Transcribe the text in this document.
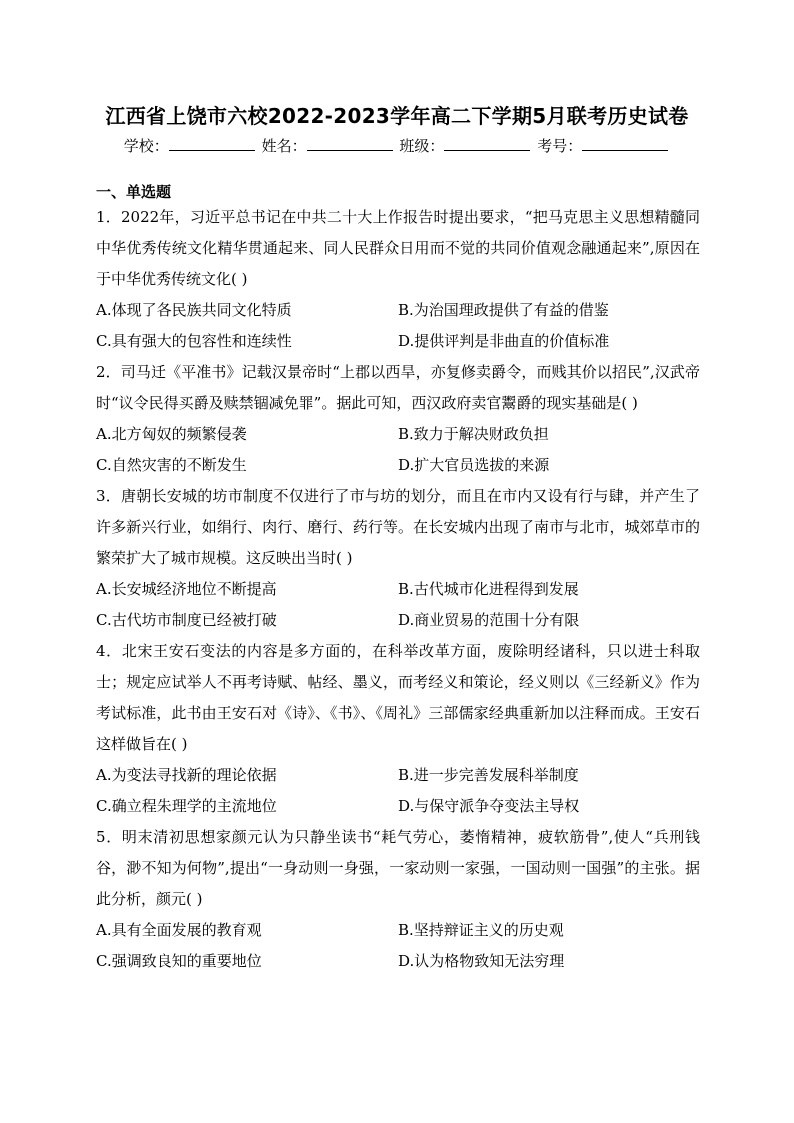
江西省上饶市六校2022-2023学年高二下学期5月联考历史试卷
学校：	姓名：	班级：	考号：
一、单选题
1．2022年，习近平总书记在中共二十大上作报告时提出要求，“把马克思主义思想精髓同中华优秀传统文化精华贯通起来、同人民群众日用而不觉的共同价值观念融通起来”,原因在于中华优秀传统文化( )
A.体现了各民族共同文化特质	B.为治国理政提供了有益的借鉴
C.具有强大的包容性和连续性	D.提供评判是非曲直的价值标准
2．司马迁《平准书》记载汉景帝时“上郡以西旱，亦复修卖爵令，而贱其价以招民”,汉武帝时“议令民得买爵及赎禁锢减免罪”。据此可知，西汉政府卖官鬻爵的现实基础是( )
A.北方匈奴的频繁侵袭	B.致力于解决财政负担
C.自然灾害的不断发生	D.扩大官员选拔的来源
3．唐朝长安城的坊市制度不仅进行了市与坊的划分，而且在市内又设有行与肆，并产生了许多新兴行业，如绢行、肉行、磨行、药行等。在长安城内出现了南市与北市，城郊草市的繁荣扩大了城市规模。这反映出当时( )
A.长安城经济地位不断提高	B.古代城市化进程得到发展
C.古代坊市制度已经被打破	D.商业贸易的范围十分有限
4．北宋王安石变法的内容是多方面的，在科举改革方面，废除明经诸科，只以进士科取士；规定应试举人不再考诗赋、帖经、墨义，而考经义和策论，经义则以《三经新义》作为考试标准，此书由王安石对《诗》、《书》、《周礼》三部儒家经典重新加以注释而成。王安石这样做旨在( )
A.为变法寻找新的理论依据	B.进一步完善发展科举制度
C.确立程朱理学的主流地位	D.与保守派争夺变法主导权
5．明末清初思想家颜元认为只静坐读书“耗气劳心，萎惰精神，疲软筋骨”,使人“兵刑钱谷，渺不知为何物”,提出“一身动则一身强，一家动则一家强，一国动则一国强”的主张。据此分析，颜元( )
A.具有全面发展的教育观	B.坚持辩证主义的历史观
C.强调致良知的重要地位	D.认为格物致知无法穷理
